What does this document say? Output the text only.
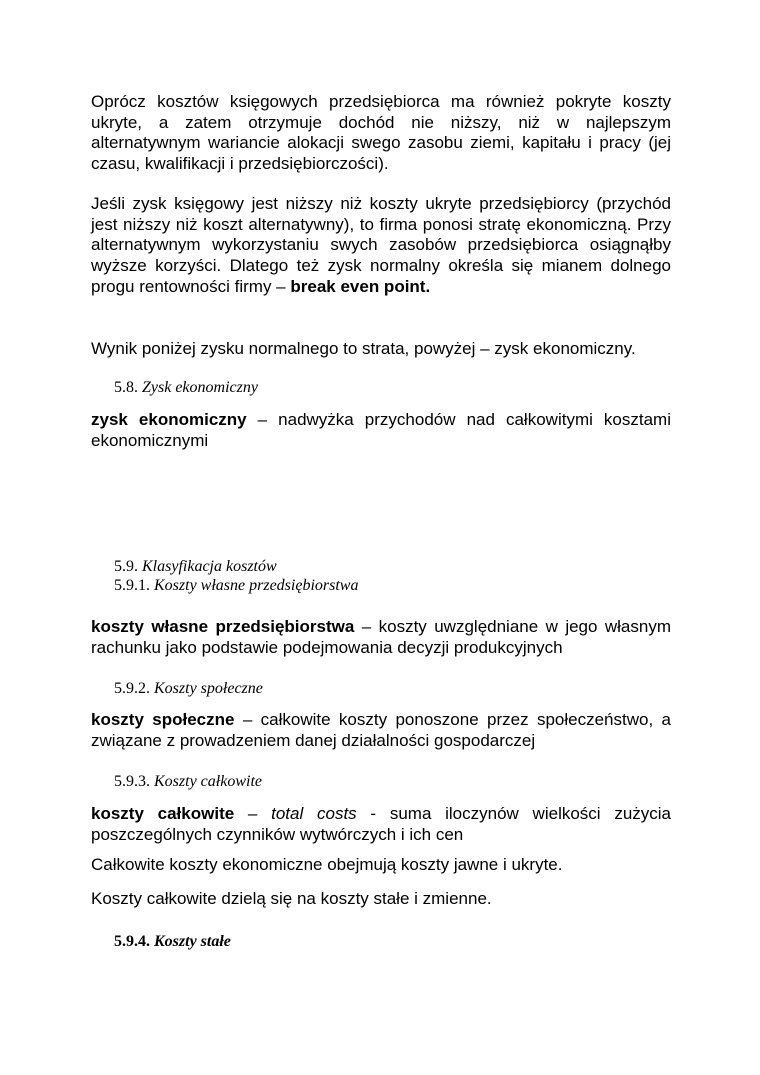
Oprócz kosztów księgowych przedsiębiorca ma również pokryte koszty ukryte, a zatem otrzymuje dochód nie niższy, niż w najlepszym alternatywnym wariancie alokacji swego zasobu ziemi, kapitału i pracy (jej czasu, kwalifikacji i przedsiębiorczości).

Jeśli zysk księgowy jest niższy niż koszty ukryte przedsiębiorcy (przychód jest niższy niż koszt alternatywny), to firma ponosi stratę ekonomiczną. Przy alternatywnym wykorzystaniu swych zasobów przedsiębiorca osiągnąłby wyższe korzyści. Dlatego też zysk normalny określa się mianem dolnego progu rentowności firmy – break even point.

Wynik poniżej zysku normalnego to strata, powyżej – zysk ekonomiczny.

5.8. Zysk ekonomiczny

zysk ekonomiczny – nadwyżka przychodów nad całkowitymi kosztami ekonomicznymi

5.9. Klasyfikacja kosztów
5.9.1. Koszty własne przedsiębiorstwa

koszty własne przedsiębiorstwa – koszty uwzględniane w jego własnym rachunku jako podstawie podejmowania decyzji produkcyjnych

5.9.2. Koszty społeczne

koszty społeczne – całkowite koszty ponoszone przez społeczeństwo, a związane z prowadzeniem danej działalności gospodarczej

5.9.3. Koszty całkowite

koszty całkowite – total costs - suma iloczynów wielkości zużycia poszczególnych czynników wytwórczych i ich cen

Całkowite koszty ekonomiczne obejmują koszty jawne i ukryte.

Koszty całkowite dzielą się na koszty stałe i zmienne.

5.9.4. Koszty stałe
